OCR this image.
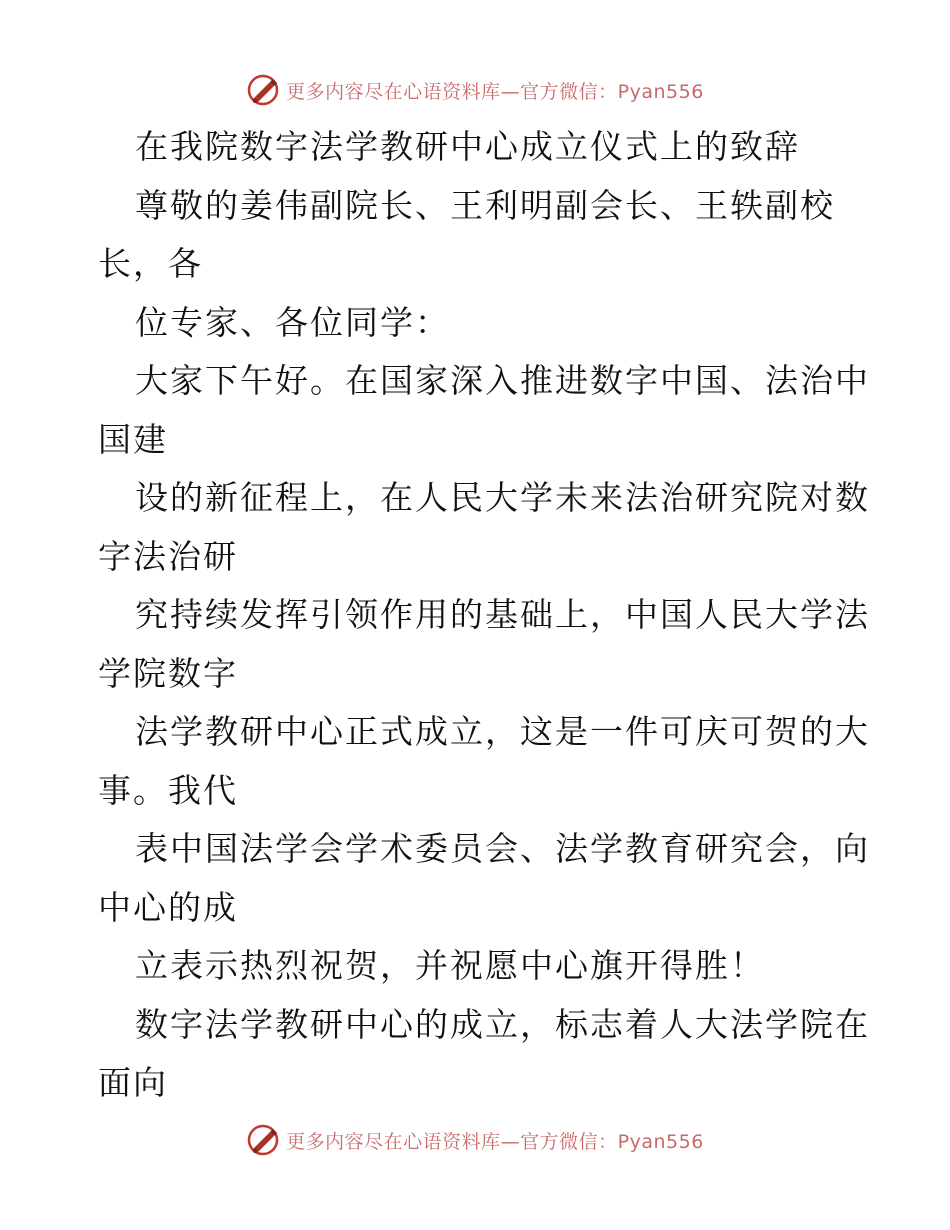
更多内容尽在心语资料库—官方微信：Pyan556
在我院数字法学教研中心成立仪式上的致辞
尊敬的姜伟副院长、王利明副会长、王轶副校
长，各
位专家、各位同学：
大家下午好。在国家深入推进数字中国、法治中
国建
设的新征程上，在人民大学未来法治研究院对数
字法治研
究持续发挥引领作用的基础上，中国人民大学法
学院数字
法学教研中心正式成立，这是一件可庆可贺的大
事。我代
表中国法学会学术委员会、法学教育研究会，向
中心的成
立表示热烈祝贺，并祝愿中心旗开得胜！
数字法学教研中心的成立，标志着人大法学院在
面向
更多内容尽在心语资料库—官方微信：Pyan556
